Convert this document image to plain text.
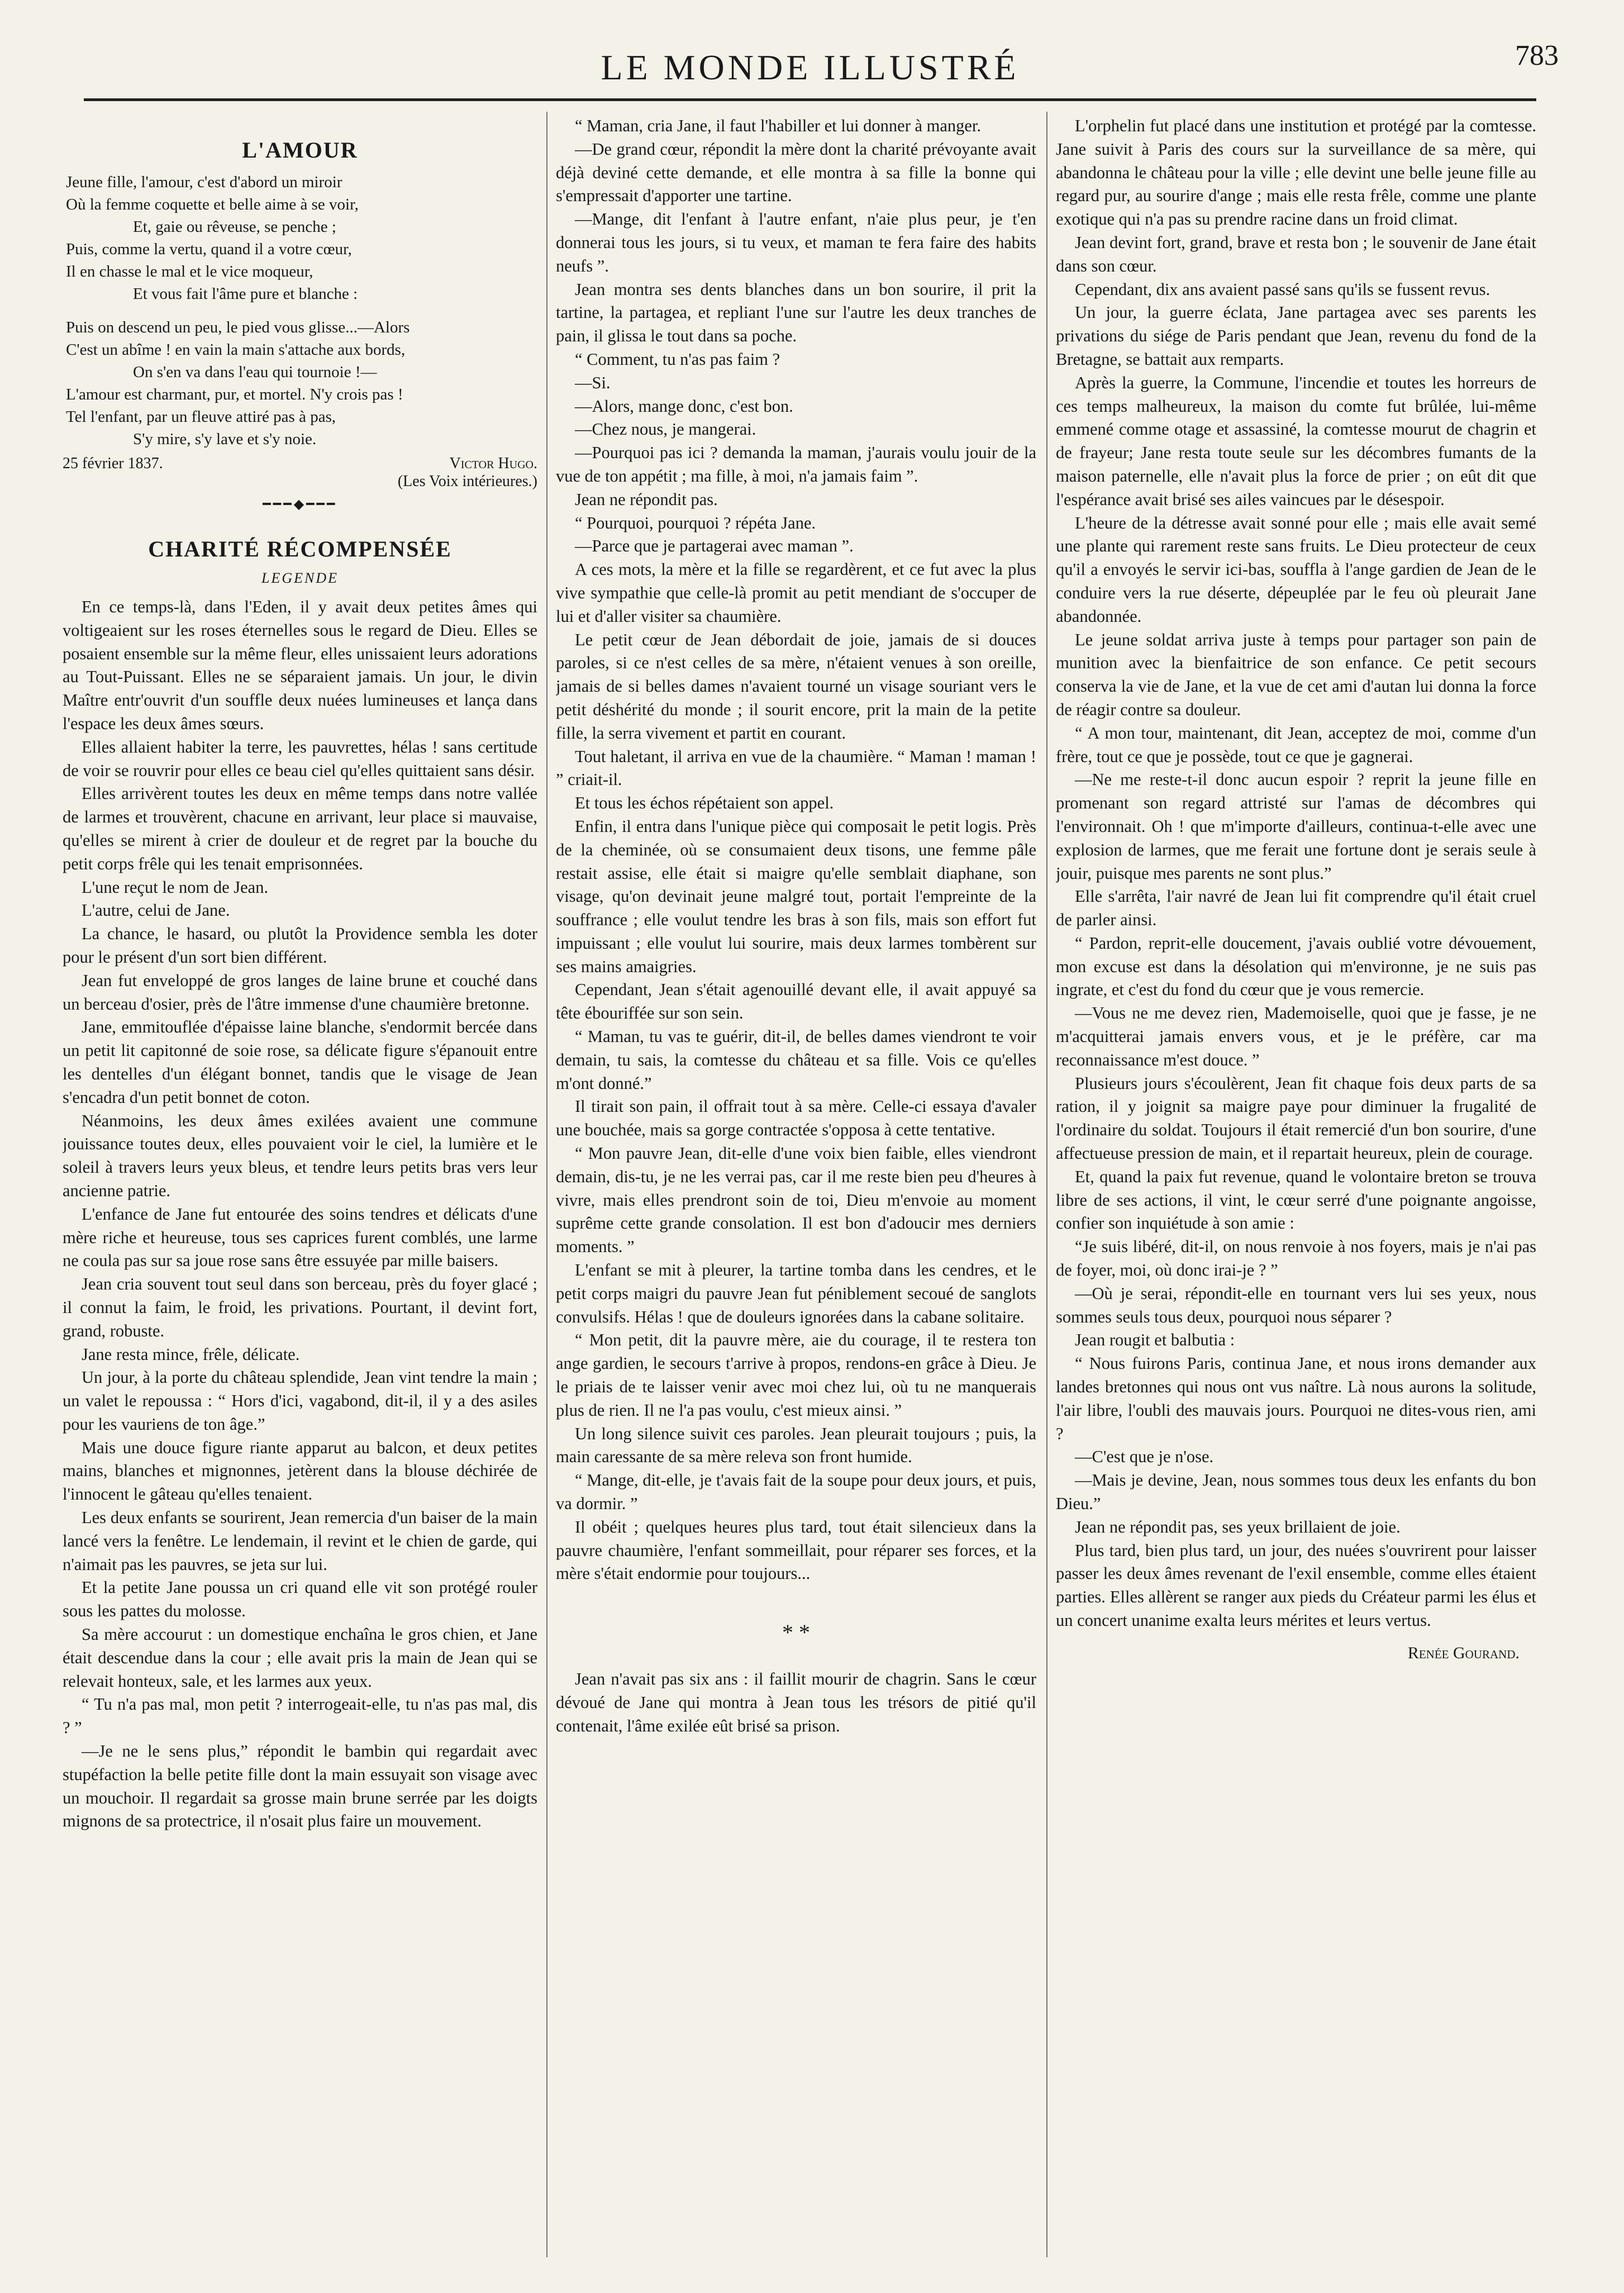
LE MONDE ILLUSTRÉ	783
L'AMOUR
Jeune fille, l'amour, c'est d'abord un miroir
Où la femme coquette et belle aime à se voir,
Et, gaie ou rêveuse, se penche ;
Puis, comme la vertu, quand il a votre cœur,
Il en chasse le mal et le vice moqueur,
Et vous fait l'âme pure et blanche :
Puis on descend un peu, le pied vous glisse...—Alors
C'est un abîme ! en vain la main s'attache aux bords,
On s'en va dans l'eau qui tournoie !—
L'amour est charmant, pur, et mortel. N'y crois pas !
Tel l'enfant, par un fleuve attiré pas à pas,
S'y mire, s'y lave et s'y noie.
25 février 1837.	Victor Hugo.
(Les Voix intérieures.)
━━━◆━━━
CHARITÉ RÉCOMPENSÉE
LEGENDE

En ce temps-là, dans l'Eden, il y avait deux petites âmes qui voltigeaient sur les roses éternelles sous le regard de Dieu. Elles se posaient ensemble sur la même fleur, elles unissaient leurs adorations au Tout-Puissant. Elles ne se séparaient jamais. Un jour, le divin Maître entr'ouvrit d'un souffle deux nuées lumineuses et lança dans l'espace les deux âmes sœurs.

Elles allaient habiter la terre, les pauvrettes, hélas ! sans certitude de voir se rouvrir pour elles ce beau ciel qu'elles quittaient sans désir.

Elles arrivèrent toutes les deux en même temps dans notre vallée de larmes et trouvèrent, chacune en arrivant, leur place si mauvaise, qu'elles se mirent à crier de douleur et de regret par la bouche du petit corps frêle qui les tenait emprisonnées.

L'une reçut le nom de Jean.

L'autre, celui de Jane.

La chance, le hasard, ou plutôt la Providence sembla les doter pour le présent d'un sort bien différent.

Jean fut enveloppé de gros langes de laine brune et couché dans un berceau d'osier, près de l'âtre immense d'une chaumière bretonne.

Jane, emmitouflée d'épaisse laine blanche, s'endormit bercée dans un petit lit capitonné de soie rose, sa délicate figure s'épanouit entre les dentelles d'un élégant bonnet, tandis que le visage de Jean s'encadra d'un petit bonnet de coton.

Néanmoins, les deux âmes exilées avaient une commune jouissance toutes deux, elles pouvaient voir le ciel, la lumière et le soleil à travers leurs yeux bleus, et tendre leurs petits bras vers leur ancienne patrie.

L'enfance de Jane fut entourée des soins tendres et délicats d'une mère riche et heureuse, tous ses caprices furent comblés, une larme ne coula pas sur sa joue rose sans être essuyée par mille baisers.

Jean cria souvent tout seul dans son berceau, près du foyer glacé ; il connut la faim, le froid, les privations. Pourtant, il devint fort, grand, robuste.

Jane resta mince, frêle, délicate.

Un jour, à la porte du château splendide, Jean vint tendre la main ; un valet le repoussa : “ Hors d'ici, vagabond, dit-il, il y a des asiles pour les vauriens de ton âge.”

Mais une douce figure riante apparut au balcon, et deux petites mains, blanches et mignonnes, jetèrent dans la blouse déchirée de l'innocent le gâteau qu'elles tenaient.

Les deux enfants se sourirent, Jean remercia d'un baiser de la main lancé vers la fenêtre. Le lendemain, il revint et le chien de garde, qui n'aimait pas les pauvres, se jeta sur lui.

Et la petite Jane poussa un cri quand elle vit son protégé rouler sous les pattes du molosse.

Sa mère accourut : un domestique enchaîna le gros chien, et Jane était descendue dans la cour ; elle avait pris la main de Jean qui se relevait honteux, sale, et les larmes aux yeux.

“ Tu n'a pas mal, mon petit ? interrogeait-elle, tu n'as pas mal, dis ? ”

—Je ne le sens plus,” répondit le bambin qui regardait avec stupéfaction la belle petite fille dont la main essuyait son visage avec un mouchoir. Il regardait sa grosse main brune serrée par les doigts mignons de sa protectrice, il n'osait plus faire un mouvement.

“ Maman, cria Jane, il faut l'habiller et lui donner à manger.

—De grand cœur, répondit la mère dont la charité prévoyante avait déjà deviné cette demande, et elle montra à sa fille la bonne qui s'empressait d'apporter une tartine.

—Mange, dit l'enfant à l'autre enfant, n'aie plus peur, je t'en donnerai tous les jours, si tu veux, et maman te fera faire des habits neufs ”.

Jean montra ses dents blanches dans un bon sourire, il prit la tartine, la partagea, et repliant l'une sur l'autre les deux tranches de pain, il glissa le tout dans sa poche.

“ Comment, tu n'as pas faim ?

—Si.

—Alors, mange donc, c'est bon.

—Chez nous, je mangerai.

—Pourquoi pas ici ? demanda la maman, j'aurais voulu jouir de la vue de ton appétit ; ma fille, à moi, n'a jamais faim ”.

Jean ne répondit pas.

“ Pourquoi, pourquoi ? répéta Jane.

—Parce que je partagerai avec maman ”.

A ces mots, la mère et la fille se regardèrent, et ce fut avec la plus vive sympathie que celle-là promit au petit mendiant de s'occuper de lui et d'aller visiter sa chaumière.

Le petit cœur de Jean débordait de joie, jamais de si douces paroles, si ce n'est celles de sa mère, n'étaient venues à son oreille, jamais de si belles dames n'avaient tourné un visage souriant vers le petit déshérité du monde ; il sourit encore, prit la main de la petite fille, la serra vivement et partit en courant.

Tout haletant, il arriva en vue de la chaumière. “ Maman ! maman ! ” criait-il.

Et tous les échos répétaient son appel.

Enfin, il entra dans l'unique pièce qui composait le petit logis. Près de la cheminée, où se consumaient deux tisons, une femme pâle restait assise, elle était si maigre qu'elle semblait diaphane, son visage, qu'on devinait jeune malgré tout, portait l'empreinte de la souffrance ; elle voulut tendre les bras à son fils, mais son effort fut impuissant ; elle voulut lui sourire, mais deux larmes tombèrent sur ses mains amaigries.

Cependant, Jean s'était agenouillé devant elle, il avait appuyé sa tête ébouriffée sur son sein.

“ Maman, tu vas te guérir, dit-il, de belles dames viendront te voir demain, tu sais, la comtesse du château et sa fille. Vois ce qu'elles m'ont donné.”

Il tirait son pain, il offrait tout à sa mère. Celle-ci essaya d'avaler une bouchée, mais sa gorge contractée s'opposa à cette tentative.

“ Mon pauvre Jean, dit-elle d'une voix bien faible, elles viendront demain, dis-tu, je ne les verrai pas, car il me reste bien peu d'heures à vivre, mais elles prendront soin de toi, Dieu m'envoie au moment suprême cette grande consolation. Il est bon d'adoucir mes derniers moments. ”

L'enfant se mit à pleurer, la tartine tomba dans les cendres, et le petit corps maigri du pauvre Jean fut péniblement secoué de sanglots convulsifs. Hélas ! que de douleurs ignorées dans la cabane solitaire.

“ Mon petit, dit la pauvre mère, aie du courage, il te restera ton ange gardien, le secours t'arrive à propos, rendons-en grâce à Dieu. Je le priais de te laisser venir avec moi chez lui, où tu ne manquerais plus de rien. Il ne l'a pas voulu, c'est mieux ainsi. ”

Un long silence suivit ces paroles. Jean pleurait toujours ; puis, la main caressante de sa mère releva son front humide.

“ Mange, dit-elle, je t'avais fait de la soupe pour deux jours, et puis, va dormir. ”

Il obéit ; quelques heures plus tard, tout était silencieux dans la pauvre chaumière, l'enfant sommeillait, pour réparer ses forces, et la mère s'était endormie pour toujours...

* *

Jean n'avait pas six ans : il faillit mourir de chagrin. Sans le cœur dévoué de Jane qui montra à Jean tous les trésors de pitié qu'il contenait, l'âme exilée eût brisé sa prison.

L'orphelin fut placé dans une institution et protégé par la comtesse. Jane suivit à Paris des cours sur la surveillance de sa mère, qui abandonna le château pour la ville ; elle devint une belle jeune fille au regard pur, au sourire d'ange ; mais elle resta frêle, comme une plante exotique qui n'a pas su prendre racine dans un froid climat.

Jean devint fort, grand, brave et resta bon ; le souvenir de Jane était dans son cœur.

Cependant, dix ans avaient passé sans qu'ils se fussent revus.

Un jour, la guerre éclata, Jane partagea avec ses parents les privations du siége de Paris pendant que Jean, revenu du fond de la Bretagne, se battait aux remparts.

Après la guerre, la Commune, l'incendie et toutes les horreurs de ces temps malheureux, la maison du comte fut brûlée, lui-même emmené comme otage et assassiné, la comtesse mourut de chagrin et de frayeur; Jane resta toute seule sur les décombres fumants de la maison paternelle, elle n'avait plus la force de prier ; on eût dit que l'espérance avait brisé ses ailes vaincues par le désespoir.

L'heure de la détresse avait sonné pour elle ; mais elle avait semé une plante qui rarement reste sans fruits. Le Dieu protecteur de ceux qu'il a envoyés le servir ici-bas, souffla à l'ange gardien de Jean de le conduire vers la rue déserte, dépeuplée par le feu où pleurait Jane abandonnée.

Le jeune soldat arriva juste à temps pour partager son pain de munition avec la bienfaitrice de son enfance. Ce petit secours conserva la vie de Jane, et la vue de cet ami d'autan lui donna la force de réagir contre sa douleur.

“ A mon tour, maintenant, dit Jean, acceptez de moi, comme d'un frère, tout ce que je possède, tout ce que je gagnerai.

—Ne me reste-t-il donc aucun espoir ? reprit la jeune fille en promenant son regard attristé sur l'amas de décombres qui l'environnait. Oh ! que m'importe d'ailleurs, continua-t-elle avec une explosion de larmes, que me ferait une fortune dont je serais seule à jouir, puisque mes parents ne sont plus.”

Elle s'arrêta, l'air navré de Jean lui fit comprendre qu'il était cruel de parler ainsi.

“ Pardon, reprit-elle doucement, j'avais oublié votre dévouement, mon excuse est dans la désolation qui m'environne, je ne suis pas ingrate, et c'est du fond du cœur que je vous remercie.

—Vous ne me devez rien, Mademoiselle, quoi que je fasse, je ne m'acquitterai jamais envers vous, et je le préfère, car ma reconnaissance m'est douce. ”

Plusieurs jours s'écoulèrent, Jean fit chaque fois deux parts de sa ration, il y joignit sa maigre paye pour diminuer la frugalité de l'ordinaire du soldat. Toujours il était remercié d'un bon sourire, d'une affectueuse pression de main, et il repartait heureux, plein de courage.

Et, quand la paix fut revenue, quand le volontaire breton se trouva libre de ses actions, il vint, le cœur serré d'une poignante angoisse, confier son inquiétude à son amie :

“Je suis libéré, dit-il, on nous renvoie à nos foyers, mais je n'ai pas de foyer, moi, où donc irai-je ? ”

—Où je serai, répondit-elle en tournant vers lui ses yeux, nous sommes seuls tous deux, pourquoi nous séparer ?

Jean rougit et balbutia :

“ Nous fuirons Paris, continua Jane, et nous irons demander aux landes bretonnes qui nous ont vus naître. Là nous aurons la solitude, l'air libre, l'oubli des mauvais jours. Pourquoi ne dites-vous rien, ami ?

—C'est que je n'ose.

—Mais je devine, Jean, nous sommes tous deux les enfants du bon Dieu.”

Jean ne répondit pas, ses yeux brillaient de joie.

Plus tard, bien plus tard, un jour, des nuées s'ouvrirent pour laisser passer les deux âmes revenant de l'exil ensemble, comme elles étaient parties. Elles allèrent se ranger aux pieds du Créateur parmi les élus et un concert unanime exalta leurs mérites et leurs vertus.

Renée Gourand.
